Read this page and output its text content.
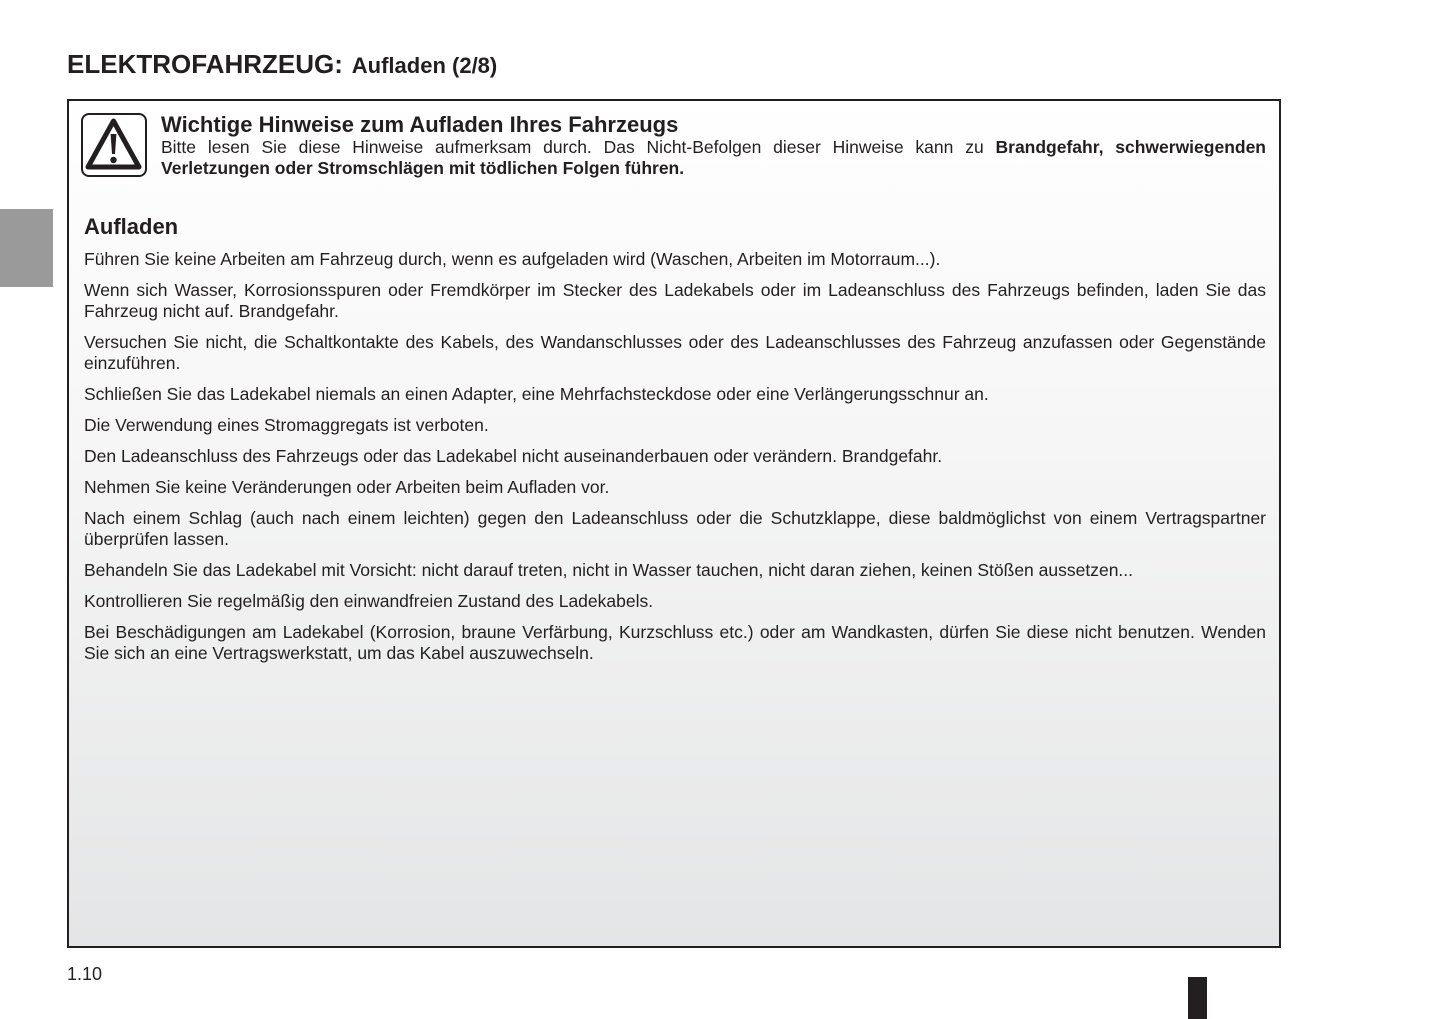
ELEKTROFAHRZEUG: Aufladen (2/8)
Wichtige Hinweise zum Aufladen Ihres Fahrzeugs

Bitte lesen Sie diese Hinweise aufmerksam durch. Das Nicht-Befolgen dieser Hinweise kann zu Brandgefahr, schwerwiegenden Verletzungen oder Stromschlägen mit tödlichen Folgen führen.

Aufladen

Führen Sie keine Arbeiten am Fahrzeug durch, wenn es aufgeladen wird (Waschen, Arbeiten im Motorraum...).

Wenn sich Wasser, Korrosionsspuren oder Fremdkörper im Stecker des Ladekabels oder im Ladeanschluss des Fahrzeugs befinden, laden Sie das Fahrzeug nicht auf. Brandgefahr.

Versuchen Sie nicht, die Schaltkontakte des Kabels, des Wandanschlusses oder des Ladeanschlusses des Fahrzeug anzufassen oder Gegenstände einzuführen.

Schließen Sie das Ladekabel niemals an einen Adapter, eine Mehrfachsteckdose oder eine Verlängerungsschnur an.

Die Verwendung eines Stromaggregats ist verboten.

Den Ladeanschluss des Fahrzeugs oder das Ladekabel nicht auseinanderbauen oder verändern. Brandgefahr.

Nehmen Sie keine Veränderungen oder Arbeiten beim Aufladen vor.

Nach einem Schlag (auch nach einem leichten) gegen den Ladeanschluss oder die Schutzklappe, diese baldmöglichst von einem Vertragspartner überprüfen lassen.

Behandeln Sie das Ladekabel mit Vorsicht: nicht darauf treten, nicht in Wasser tauchen, nicht daran ziehen, keinen Stößen aussetzen...

Kontrollieren Sie regelmäßig den einwandfreien Zustand des Ladekabels.

Bei Beschädigungen am Ladekabel (Korrosion, braune Verfärbung, Kurzschluss etc.) oder am Wandkasten, dürfen Sie diese nicht benutzen. Wenden Sie sich an eine Vertragswerkstatt, um das Kabel auszuwechseln.

1.10
